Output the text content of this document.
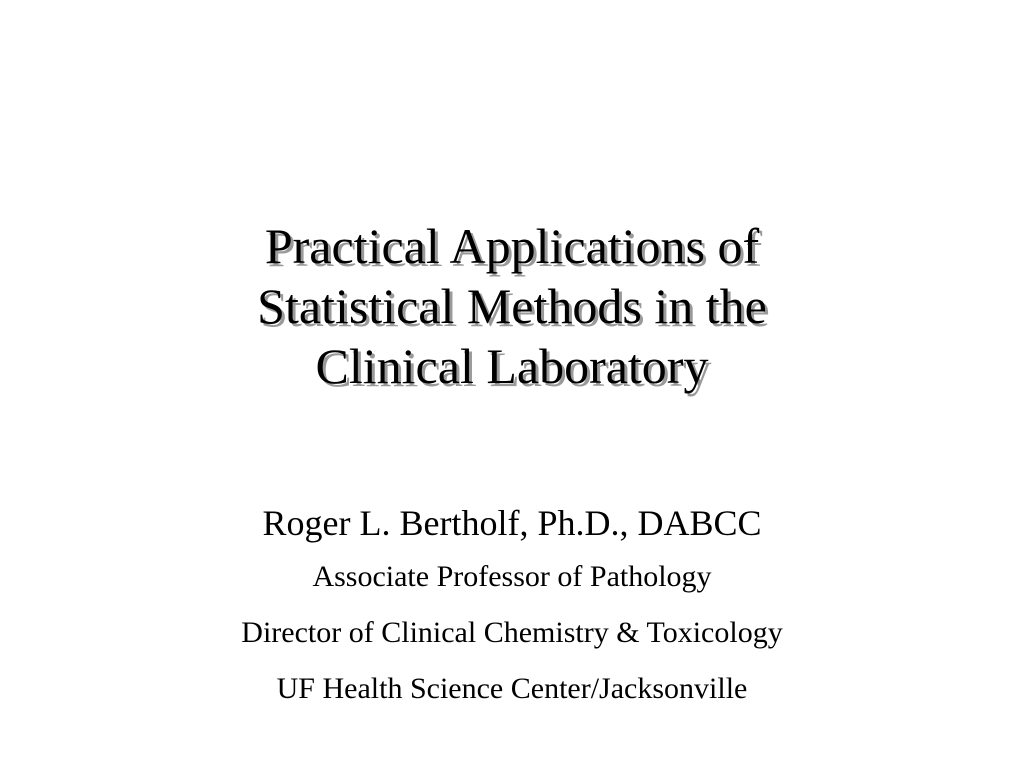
Practical Applications of
Statistical Methods in the
Clinical Laboratory
Roger L. Bertholf, Ph.D., DABCC
Associate Professor of Pathology
Director of Clinical Chemistry & Toxicology
UF Health Science Center/Jacksonville
